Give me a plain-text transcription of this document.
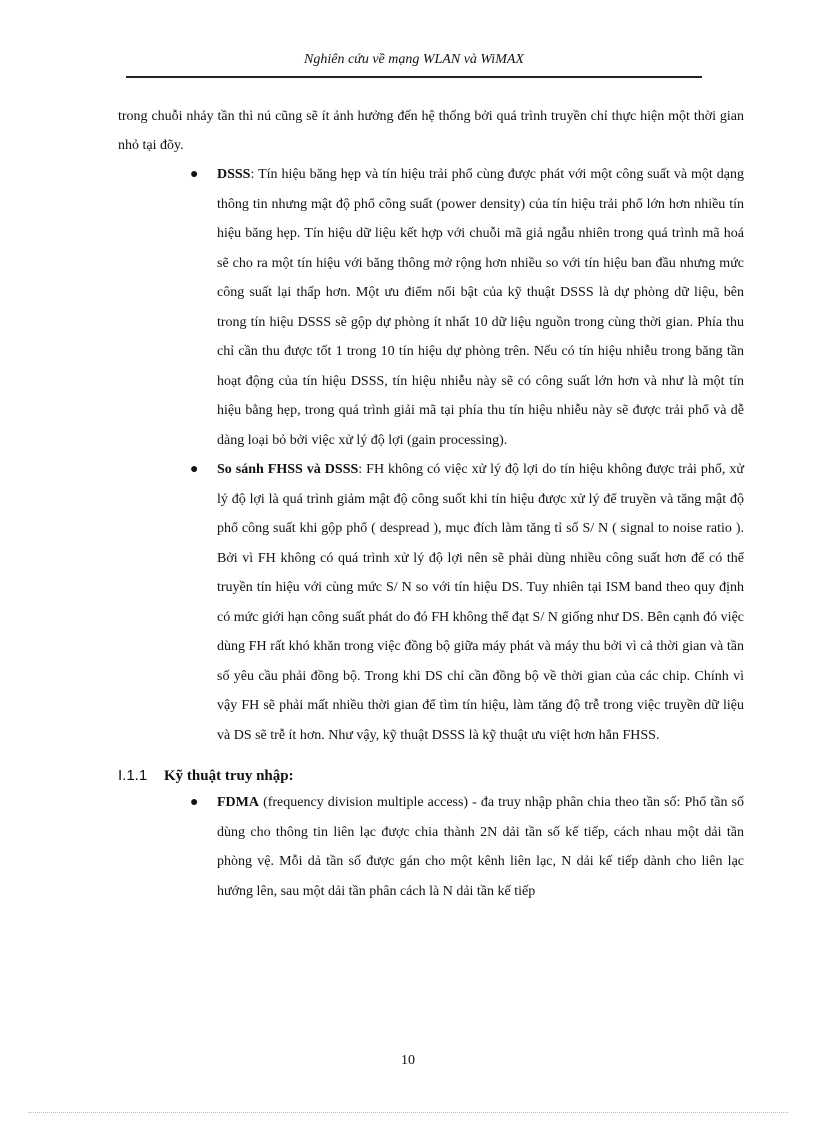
Nghiên cứu về mạng WLAN và WiMAX

trong chuỗi nhảy tần thì nú cũng sẽ ít ảnh hưởng đến hệ thống bởi quá trình truyền chỉ thực hiện một thời gian nhỏ tại đõy.

● DSSS: Tín hiệu băng hẹp và tín hiệu trải phổ cùng được phát với một công suất và một dạng thông tin nhưng mật độ phổ công suất (power density) của tín hiệu trải phổ lớn hơn nhiều tín hiệu băng hẹp. Tín hiệu dữ liệu kết hợp với chuỗi mã giả ngẫu nhiên trong quá trình mã hoá sẽ cho ra một tín hiệu với băng thông mở rộng hơn nhiều so với tín hiệu ban đầu nhưng mức công suất lại thấp hơn. Một ưu điểm nổi bật của kỹ thuật DSSS là dự phòng dữ liệu, bên trong tín hiệu DSSS sẽ gộp dự phòng ít nhất 10 dữ liệu nguồn trong cùng thời gian. Phía thu chỉ cần thu được tốt 1 trong 10 tín hiệu dự phòng trên. Nếu có tín hiệu nhiễu trong băng tần hoạt động của tín hiệu DSSS, tín hiệu nhiễu này sẽ có công suất lớn hơn và như là một tín hiệu bằng hẹp, trong quá trình giải mã tại phía thu tín hiệu nhiễu này sẽ được trải phổ và dễ dàng loại bỏ bởi việc xử lý độ lợi (gain processing).

● So sánh FHSS và DSSS: FH không có việc xử lý độ lợi do tín hiệu không được trải phổ, xử lý độ lợi là quá trình giảm mật độ công suốt khi tín hiệu được xử lý để truyền và tăng mật độ phổ công suất khi gộp phổ ( despread ), mục đích làm tăng tỉ số S/ N ( signal to noise ratio ). Bởi vì FH không có quá trình xử lý độ lợi nên sẽ phải dùng nhiều công suất hơn để có thể truyền tín hiệu với cùng mức S/ N so với tín hiệu DS. Tuy nhiên tại ISM band theo quy định có mức giới hạn công suất phát do đó FH không thể đạt S/ N giống như DS. Bên cạnh đó việc dùng FH rất khó khăn trong việc đồng bộ giữa máy phát và máy thu bởi vì cả thời gian và tần số yêu cầu phải đồng bộ. Trong khi DS chỉ cần đồng bộ về thời gian của các chip. Chính vì vậy FH sẽ phải mất nhiều thời gian để tìm tín hiệu, làm tăng độ trễ trong việc truyền dữ liệu và DS sẽ trễ ít hơn. Như vậy, kỹ thuật DSSS là kỹ thuật ưu việt hơn hẳn FHSS.

I.1.1 Kỹ thuật truy nhập:

● FDMA (frequency division multiple access) - đa truy nhập phân chia theo tần số: Phổ tần số dùng cho thông tin liên lạc được chia thành 2N dải tần số kế tiếp, cách nhau một dải tần phòng vệ. Mỗi dả tần số được gán cho một kênh liên lạc, N dải kế tiếp dành cho liên lạc hướng lên, sau một dải tần phân cách là N dải tần kế tiếp

10
